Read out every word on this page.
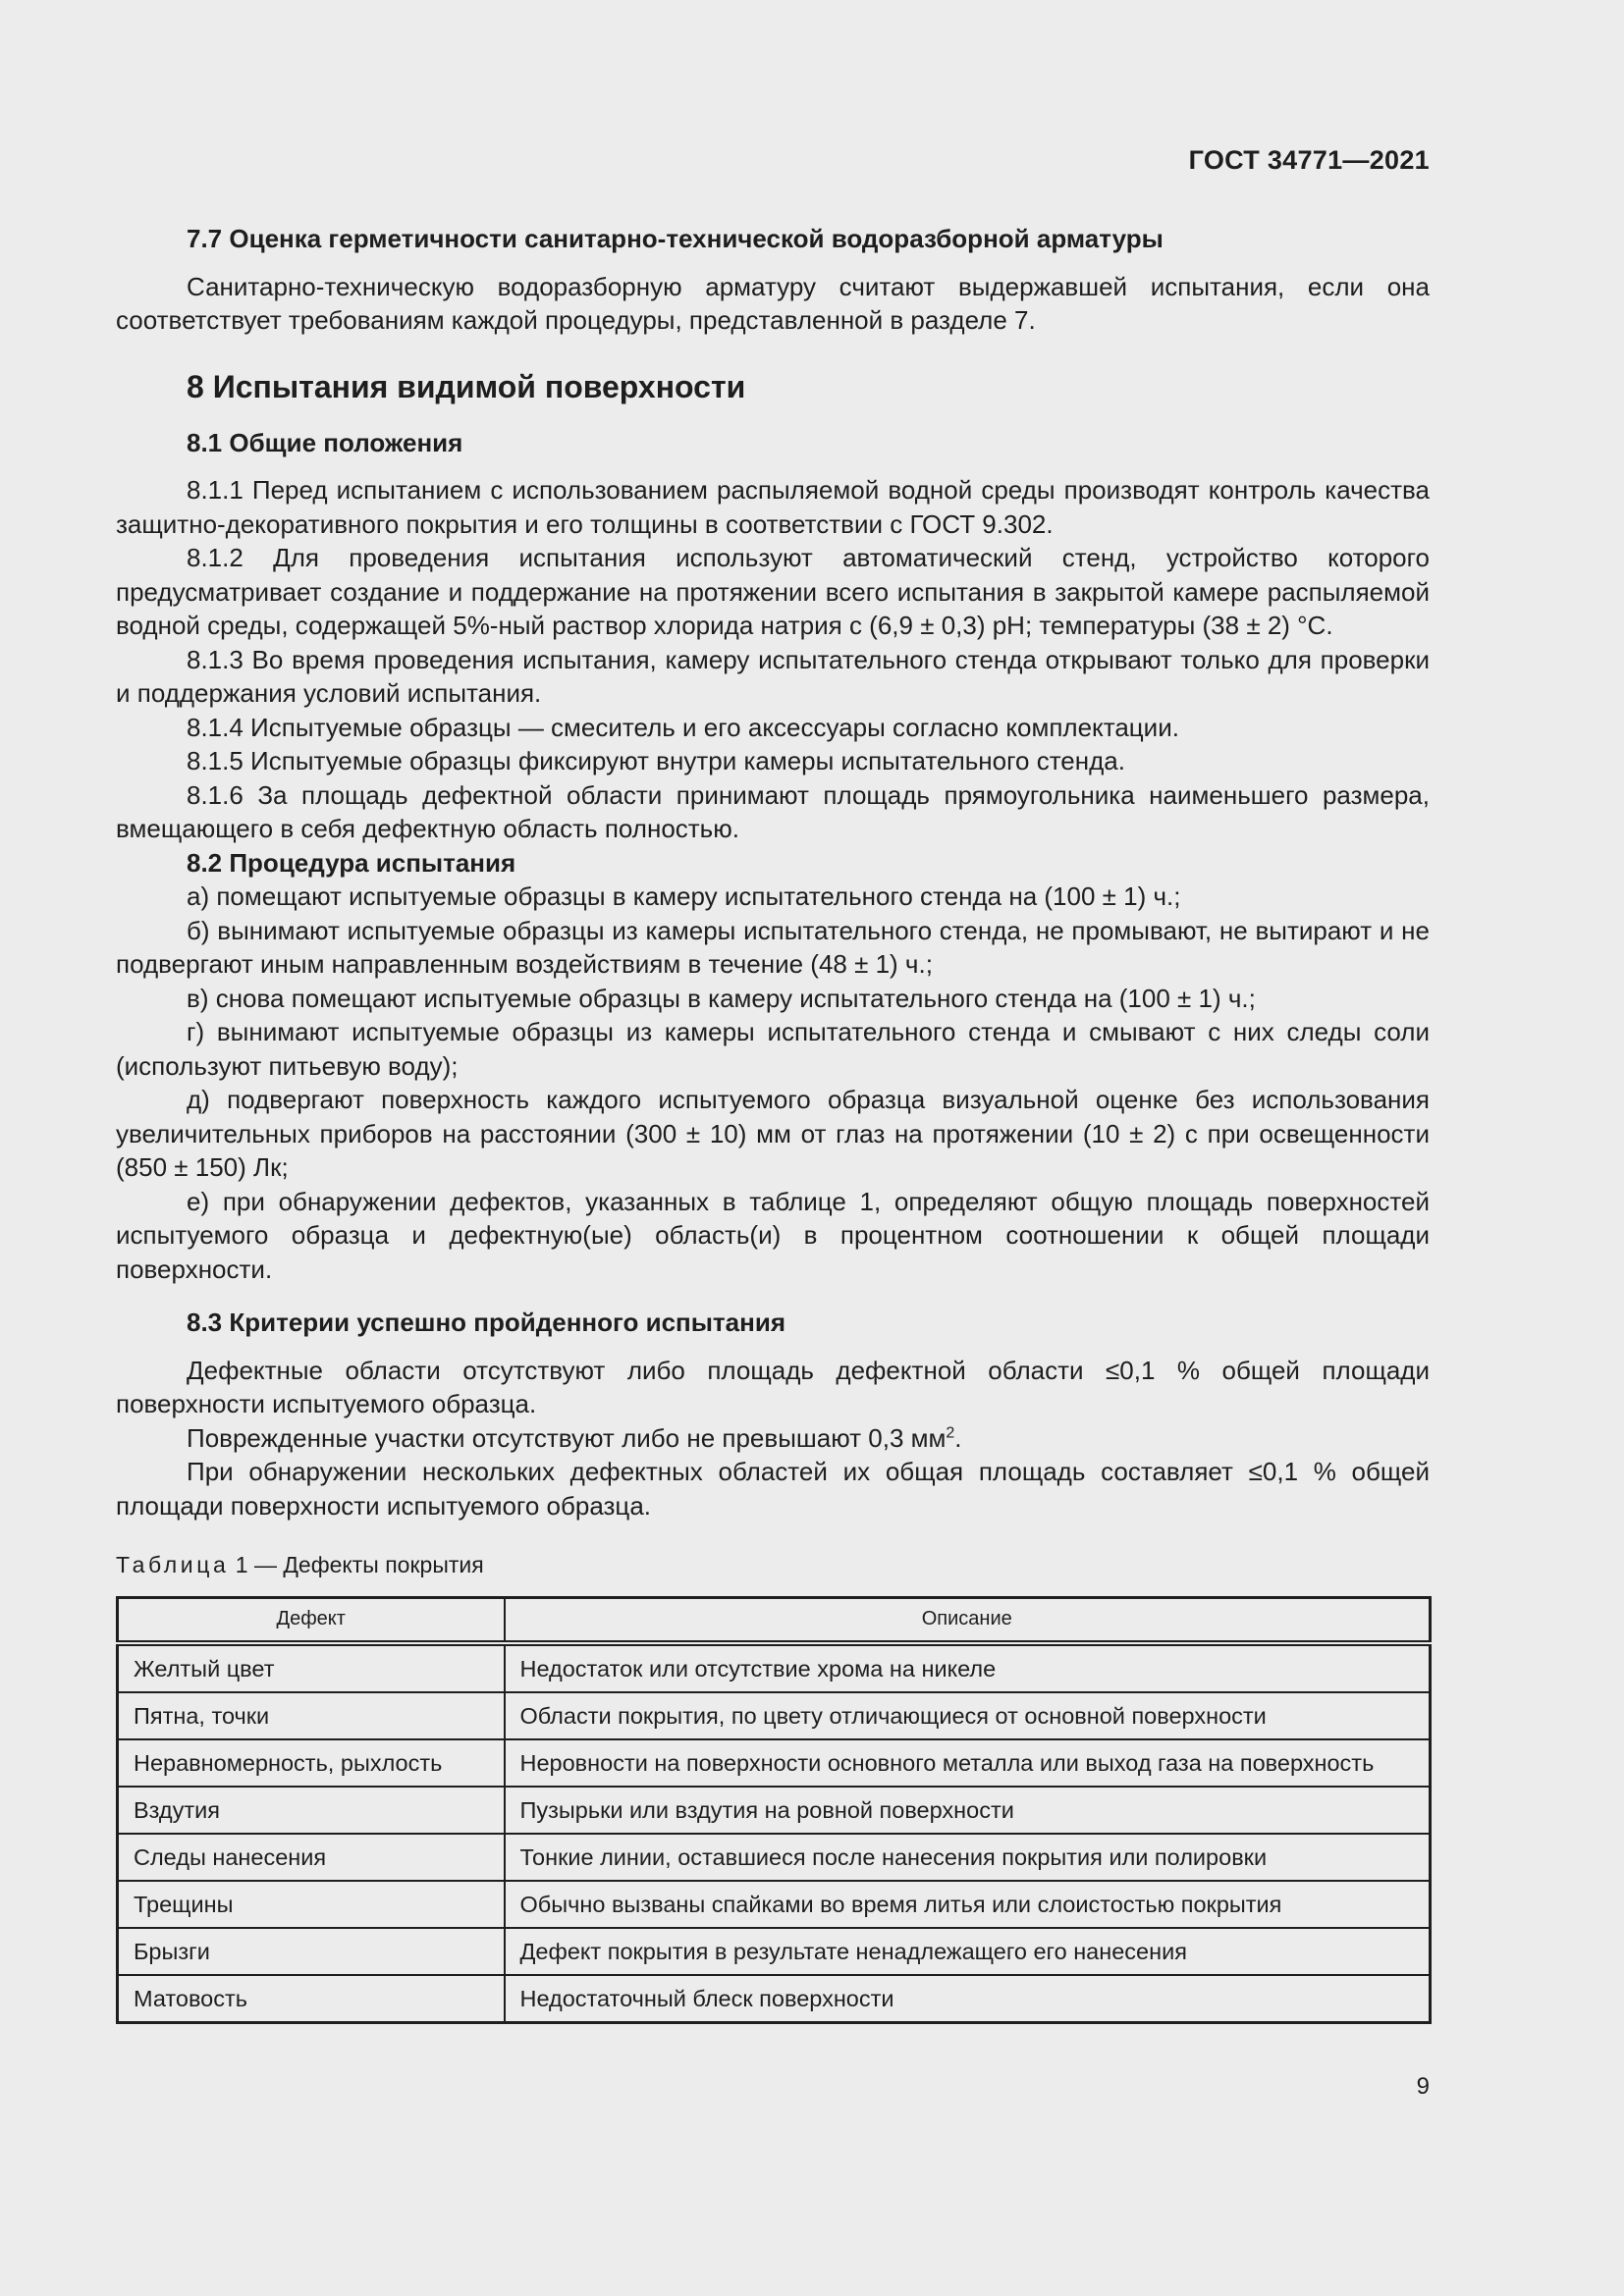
ГОСТ 34771—2021

7.7 Оценка герметичности санитарно-технической водоразборной арматуры

Санитарно-техническую водоразборную арматуру считают выдержавшей испытания, если она соответствует требованиям каждой процедуры, представленной в разделе 7.

8 Испытания видимой поверхности

8.1 Общие положения

8.1.1 Перед испытанием с использованием распыляемой водной среды производят контроль качества защитно-декоративного покрытия и его толщины в соответствии с ГОСТ 9.302.

8.1.2 Для проведения испытания используют автоматический стенд, устройство которого предусматривает создание и поддержание на протяжении всего испытания в закрытой камере распыляемой водной среды, содержащей 5%-ный раствор хлорида натрия с (6,9 ± 0,3) pH; температуры (38 ± 2) °С.

8.1.3 Во время проведения испытания, камеру испытательного стенда открывают только для проверки и поддержания условий испытания.

8.1.4 Испытуемые образцы — смеситель и его аксессуары согласно комплектации.

8.1.5 Испытуемые образцы фиксируют внутри камеры испытательного стенда.

8.1.6 За площадь дефектной области принимают площадь прямоугольника наименьшего размера, вмещающего в себя дефектную область полностью.

8.2 Процедура испытания

а) помещают испытуемые образцы в камеру испытательного стенда на (100 ± 1) ч.;

б) вынимают испытуемые образцы из камеры испытательного стенда, не промывают, не вытирают и не подвергают иным направленным воздействиям в течение (48 ± 1) ч.;

в) снова помещают испытуемые образцы в камеру испытательного стенда на (100 ± 1) ч.;

г) вынимают испытуемые образцы из камеры испытательного стенда и смывают с них следы соли (используют питьевую воду);

д) подвергают поверхность каждого испытуемого образца визуальной оценке без использования увеличительных приборов на расстоянии (300 ± 10) мм от глаз на протяжении (10 ± 2) с при освещенности (850 ± 150) Лк;

е) при обнаружении дефектов, указанных в таблице 1, определяют общую площадь поверхностей испытуемого образца и дефектную(ые) область(и) в процентном соотношении к общей площади поверхности.

8.3 Критерии успешно пройденного испытания

Дефектные области отсутствуют либо площадь дефектной области ≤0,1 % общей площади поверхности испытуемого образца.

Поврежденные участки отсутствуют либо не превышают 0,3 $мм^2$.

При обнаружении нескольких дефектных областей их общая площадь составляет ≤0,1 % общей площади поверхности испытуемого образца.

Таблица 1 — Дефекты покрытия
Дефект	Описание
Желтый цвет	Недостаток или отсутствие хрома на никеле
Пятна, точки	Области покрытия, по цвету отличающиеся от основной поверхности
Неравномерность, рыхлость	Неровности на поверхности основного металла или выход газа на поверхность
Вздутия	Пузырьки или вздутия на ровной поверхности
Следы нанесения	Тонкие линии, оставшиеся после нанесения покрытия или полировки
Трещины	Обычно вызваны спайками во время литья или слоистостью покрытия
Брызги	Дефект покрытия в результате ненадлежащего его нанесения
Матовость	Недостаточный блеск поверхности
9
